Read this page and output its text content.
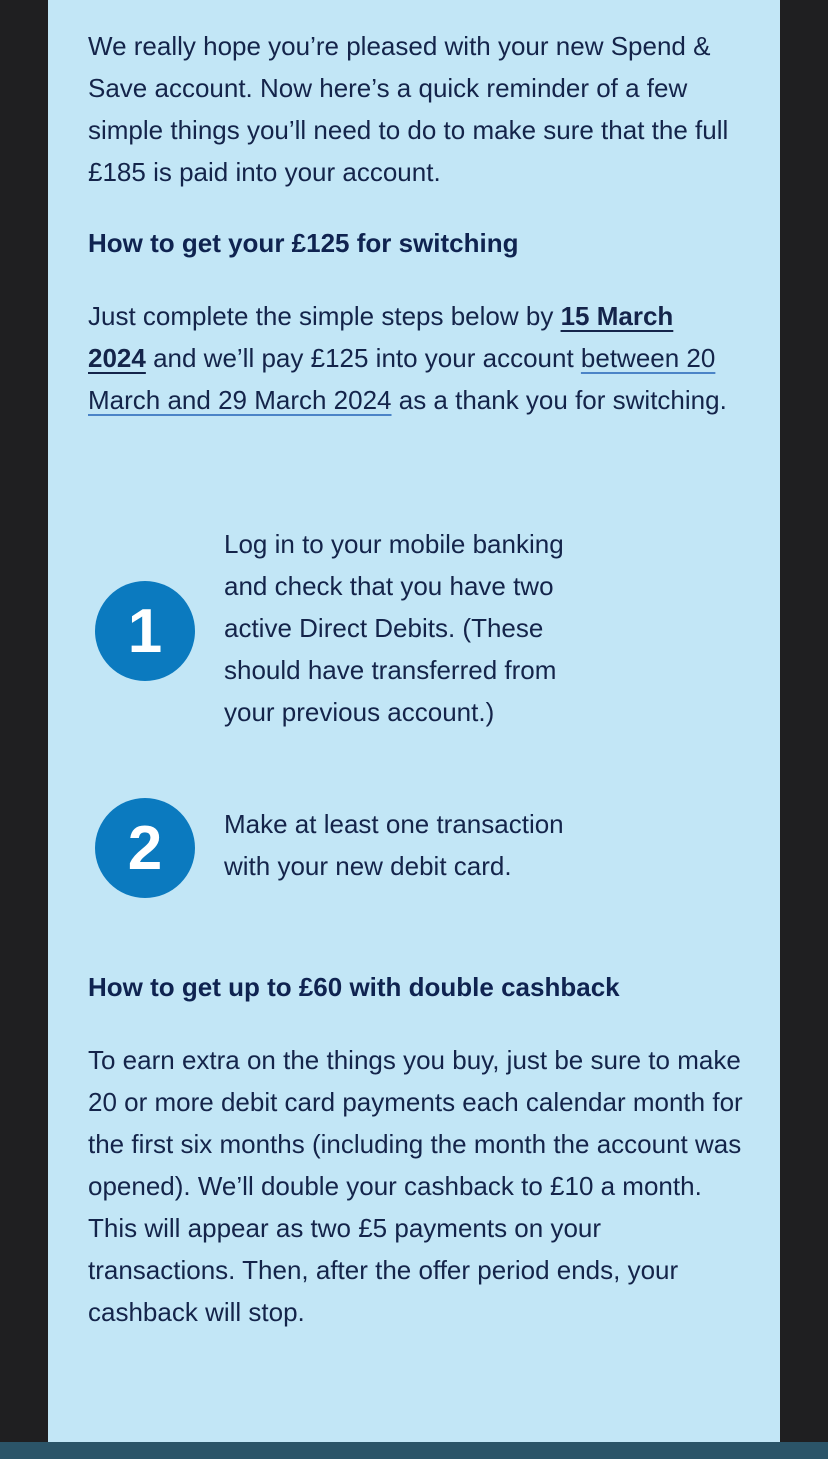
We really hope you’re pleased with your new Spend & Save account. Now here’s a quick reminder of a few simple things you’ll need to do to make sure that the full £185 is paid into your account.

How to get your £125 for switching

Just complete the simple steps below by 15 March 2024 and we’ll pay £125 into your account between 20 March and 29 March 2024 as a thank you for switching.

1

Log in to your mobile banking and check that you have two active Direct Debits. (These should have transferred from your previous account.)

2	Make at least one transaction with your new debit card.

How to get up to £60 with double cashback

To earn extra on the things you buy, just be sure to make 20 or more debit card payments each calendar month for the first six months (including the month the account was opened). We’ll double your cashback to £10 a month. This will appear as two £5 payments on your transactions. Then, after the offer period ends, your cashback will stop.
